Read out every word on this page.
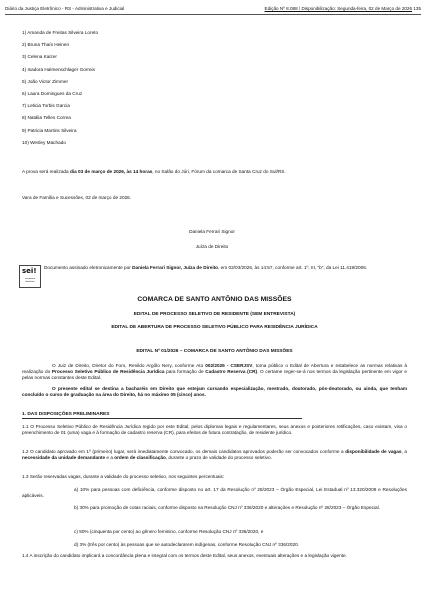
Diário da Justiça Eletrônico - RS - Administrativa e Judicial	Edição Nº 8.088 / Disponibilização: Segunda-feira, 02 de Março de 2026 135
1) Amanda de Freitas Silveira Loreto
2) Bruna Thaís Heinen
3) Celena Kaizer
4) Isadora Halmenschlager Gorreis
5) João Victor Zimmer
6) Laura Domingues da Cruz
7) Leticia Torbis Garcia
8) Natália Telles Correa
9) Patricia Martins Silveira
10) Wesley Machado
A prova será realizada dia 03 de março de 2026, às 14 horas, no Salão do Júri, Fórum da comarca de Santa Cruz do Sul/RS.
Vara de Família e Sucessões, 02 de março de 2026.
Daniela Ferrari Signor
Juíza de Direito
sei!
assinatura eletrônica
Documento assinado eletronicamente por Daniela Ferrari Signor, Juíza de Direito, em 02/03/2026, às 14:57, conforme art. 1º, III, "b", da Lei 11.419/2006.
COMARCA DE SANTO ANTÔNIO DAS MISSÕES
EDITAL DE PROCESSO SELETIVO DE RESIDENTE (SEM ENTREVISTA)
EDITAL DE ABERTURA DE PROCESSO SELETIVO PÚBLICO PARA RESIDÊNCIA JURÍDICA
EDITAL Nº 01/2026 – COMARCA DE SANTO ANTÔNIO DAS MISSÕES
O Juiz de Direito, Diretor do Foro, Renildo Argôlo Nery, conforme Ato 002/2025 - CSERJSV, torna público o Edital de Abertura e estabelece as normas relativas à realização do Processo Seletivo Público de Residência Jurídica para formação de Cadastro Reserva (CR). O certame reger-se-á nos termos da legislação pertinente em vigor e pelas normas constantes deste Edital.
O presente edital se destina a bacharéis em Direito que estejam cursando especialização, mestrado, doutorado, pós-doutorado, ou ainda, que tenham concluído o curso de graduação na área do Direito, há no máximo 05 (cinco) anos.
1. DAS DISPOSIÇÕES PRELIMINARES
1.1 O Processo Seletivo Público de Residência Jurídica regido por este Edital, pelos diplomas legais e regulamentares, seus anexos e posteriores retificações, caso existam, visa o preenchimento de 01 (uma) vaga e à formação de cadastro reserva (CR), para efeitos de futura contratação, de residente jurídico.
1.2 O candidato aprovado em 1º (primeiro) lugar, será imediatamente convocado, os demais candidatos aprovados poderão ser convocados conforme a disponibilidade de vagas, a necessidade da unidade demandante e a ordem de classificação, durante o prazo de validade do processo seletivo.
1.3 Serão reservadas vagas, durante a validade do processo seletivo, nos seguintes percentuais:
a) 10% para pessoas com deficiência, conforme disposto no art. 17 da Resolução nº 28/2023 – Órgão Especial, Lei Estadual nº 13.320/2009 e Resoluções aplicáveis.
b) 30% para promoção de cotas raciais, conforme disposto na Resolução CNJ nº 336/2020 e alterações e Resolução nº 28/2023 – Órgão Especial.
c) 50% (cinquenta por cento) ao gênero feminino, conforme Resolução CNJ nº 336/2020, e
d) 3% (três por cento) às pessoas que se autodeclararem indígenas, conforme Resolução CNJ nº 336/2020.
1.4 A inscrição do candidato implicará a concordância plena e integral com os termos deste Edital, seus anexos, eventuais alterações e a legislação vigente.
